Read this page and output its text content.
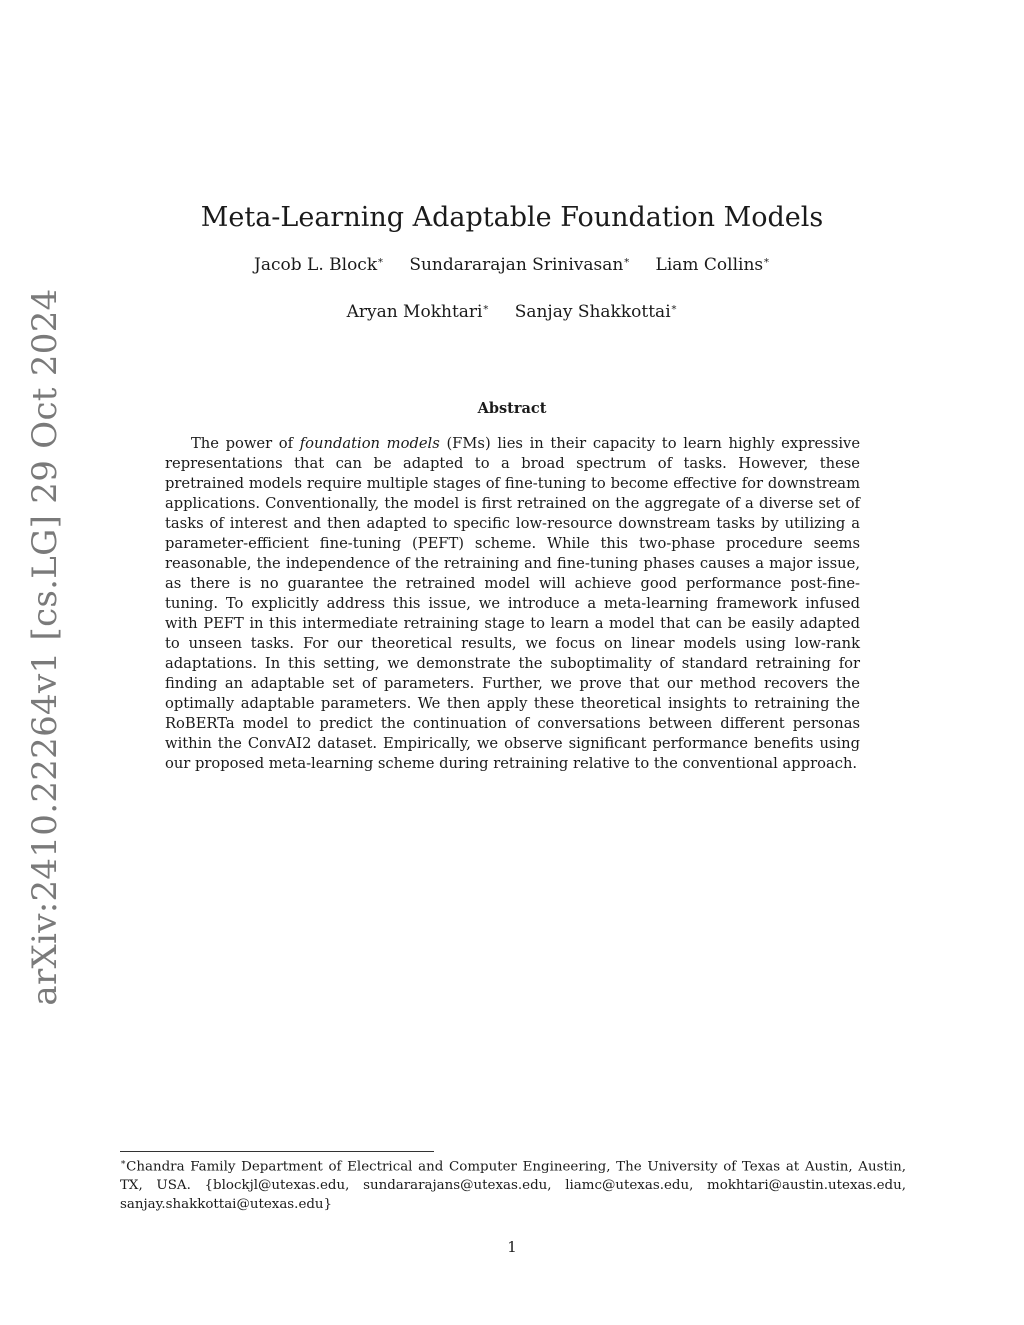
arXiv:2410.22264v1 [cs.LG] 29 Oct 2024
Meta-Learning Adaptable Foundation Models
Jacob L. Block∗ Sundararajan Srinivasan∗ Liam Collins∗
Aryan Mokhtari∗ Sanjay Shakkottai∗
Abstract

The power of foundation models (FMs) lies in their capacity to learn highly expressive representations that can be adapted to a broad spectrum of tasks. However, these pretrained models require multiple stages of fine-tuning to become effective for downstream applications. Conventionally, the model is first retrained on the aggregate of a diverse set of tasks of interest and then adapted to specific low-resource downstream tasks by utilizing a parameter-efficient fine-tuning (PEFT) scheme. While this two-phase procedure seems reasonable, the independence of the retraining and fine-tuning phases causes a major issue, as there is no guarantee the retrained model will achieve good performance post-fine-tuning. To explicitly address this issue, we introduce a meta-learning framework infused with PEFT in this intermediate retraining stage to learn a model that can be easily adapted to unseen tasks. For our theoretical results, we focus on linear models using low-rank adaptations. In this setting, we demonstrate the suboptimality of standard retraining for finding an adaptable set of parameters. Further, we prove that our method recovers the optimally adaptable parameters. We then apply these theoretical insights to retraining the RoBERTa model to predict the continuation of conversations between different personas within the ConvAI2 dataset. Empirically, we observe significant performance benefits using our proposed meta-learning scheme during retraining relative to the conventional approach.

∗Chandra Family Department of Electrical and Computer Engineering, The University of Texas at Austin, Austin, TX, USA. {blockjl@utexas.edu, sundararajans@utexas.edu, liamc@utexas.edu, mokhtari@austin.utexas.edu, sanjay.shakkottai@utexas.edu}

1
